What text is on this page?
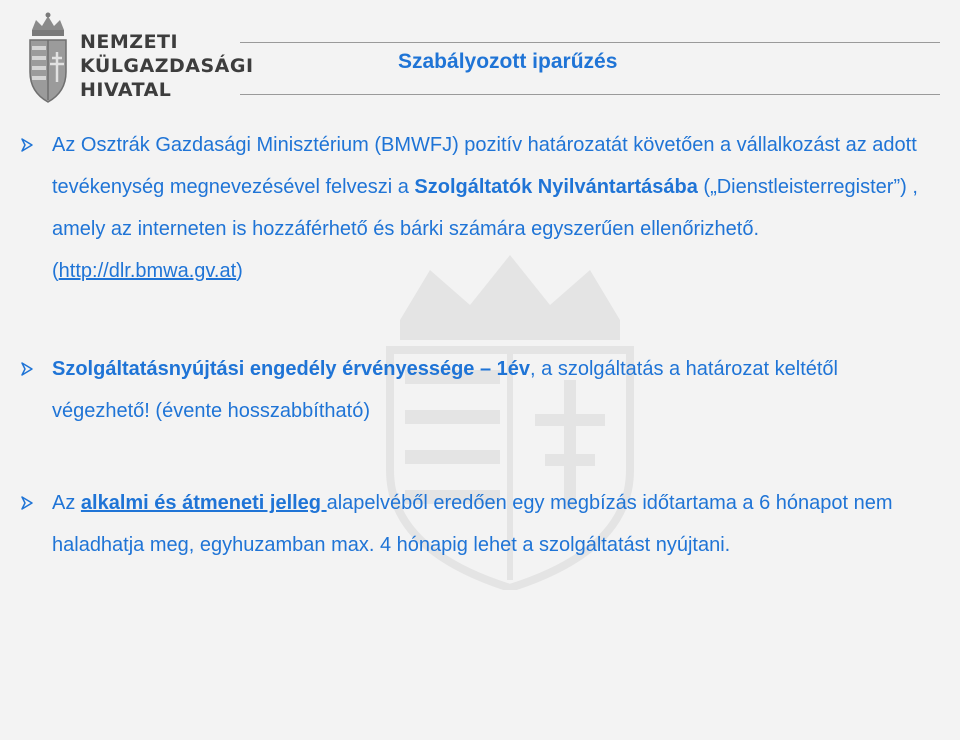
NEMZETI
KÜLGAZDASÁGI
HIVATAL
Szabályozott iparűzés
Az Osztrák Gazdasági Minisztérium (BMWFJ) pozitív határozatát követően a vállalkozást az adott tevékenység megnevezésével felveszi a Szolgáltatók Nyilvántartásába („Dienstleisterregister”) , amely az interneten is hozzáférhető és bárki számára egyszerűen ellenőrizhető. (http://dlr.bmwa.gv.at)
Szolgáltatásnyújtási engedély érvényessége – 1év, a szolgáltatás a határozat keltétől végezhető! (évente hosszabbítható)
Az alkalmi és átmeneti jelleg alapelvéből eredően egy megbízás időtartama a 6 hónapot nem haladhatja meg, egyhuzamban max. 4 hónapig lehet a szolgáltatást nyújtani.
